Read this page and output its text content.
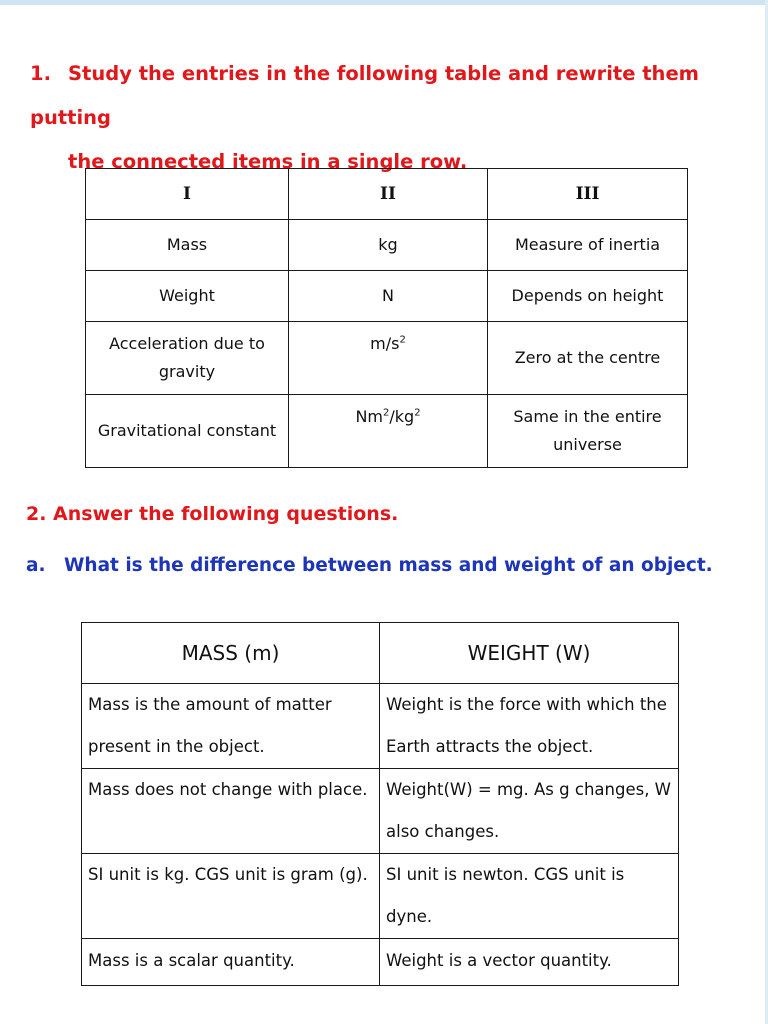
1. Study the entries in the following table and rewrite them putting
the connected items in a single row.
I	II	III
Mass	kg	Measure of inertia
Weight	N	Depends on height
Acceleration due to gravity	$m/s^2$	Zero at the centre
Gravitational constant	$Nm^2/kg^2$	Same in the entire universe
2. Answer the following questions.
a. What is the difference between mass and weight of an object.
MASS (m)	WEIGHT (W)
Mass is the amount of matter present in the object.	Weight is the force with which the Earth attracts the object.
Mass does not change with place.	Weight(W) = mg. As g changes, W also changes.
SI unit is kg. CGS unit is gram (g).	SI unit is newton. CGS unit is dyne.
Mass is a scalar quantity.	Weight is a vector quantity.
